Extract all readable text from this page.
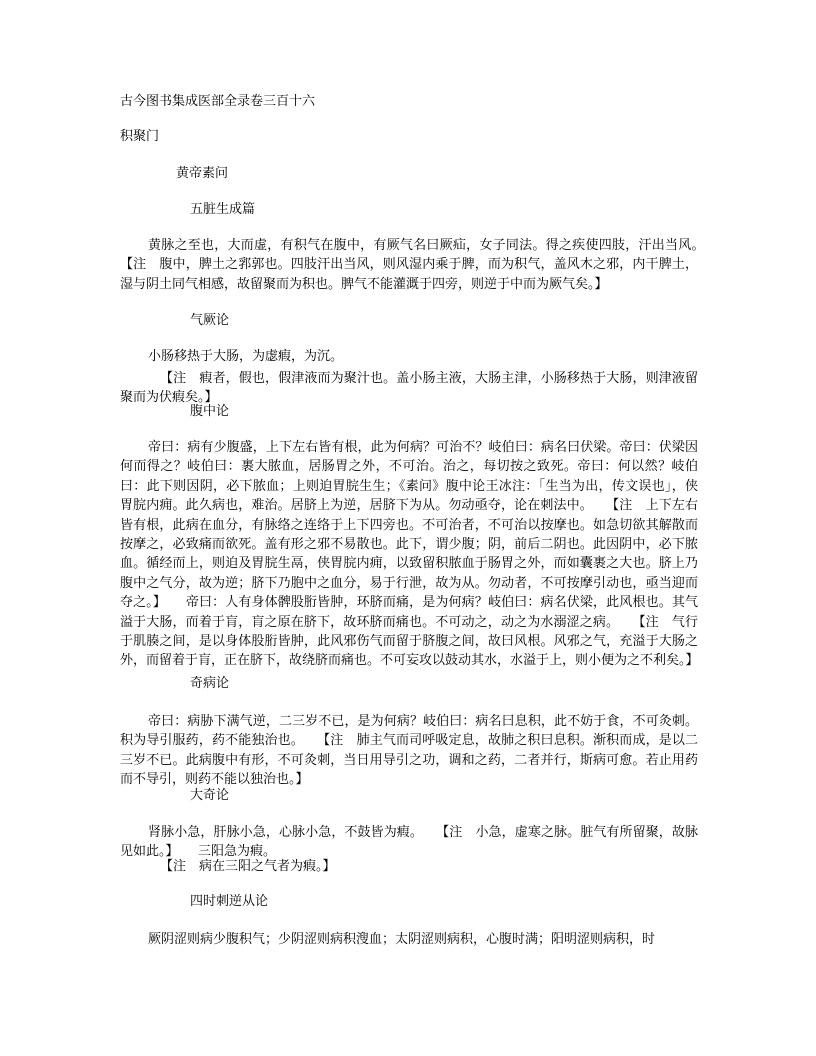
古今图书集成医部全录卷三百十六
积聚门
黄帝素问
五脏生成篇
黄脉之至也，大而虚，有积气在腹中，有厥气名曰厥疝，女子同法。得之疾使四肢，汗出当风。　　【注　腹中，脾土之郛郭也。四肢汗出当风，则风湿内乘于脾，而为积气，盖风木之邪，内干脾土，湿与阴土同气相感，故留聚而为积也。脾气不能灌溉于四旁，则逆于中而为厥气矣。】
气厥论
小肠移热于大肠，为虙瘕，为沉。
【注　瘕者，假也，假津液而为聚汁也。盖小肠主液，大肠主津，小肠移热于大肠，则津液留聚而为伏瘕矣。】
腹中论
帝曰：病有少腹盛，上下左右皆有根，此为何病？可治不？岐伯曰：病名曰伏梁。帝曰：伏梁因何而得之？岐伯曰：裹大脓血，居肠胃之外，不可治。治之，每切按之致死。帝曰：何以然？岐伯曰：此下则因阴，必下脓血；上则迫胃脘生生；《素问》腹中论王冰注：「生当为出，传文误也」，侠胃脘内痈。此久病也，难治。居脐上为逆，居脐下为从。勿动亟夺，论在刺法中。　　【注　上下左右皆有根，此病在血分，有脉络之连络于上下四旁也。不可治者，不可治以按摩也。如急切欲其解散而按摩之，必致痛而欲死。盖有形之邪不易散也。此下，谓少腹；阴，前后二阴也。此因阴中，必下脓血。循经而上，则迫及胃脘生鬲，侠胃脘内痈，以致留积脓血于肠胃之外，而如囊裹之大也。脐上乃腹中之气分，故为逆；脐下乃胞中之血分，易于行泄，故为从。勿动者，不可按摩引动也，亟当迎而夺之。】　　帝曰：人有身体髀股胻皆肿，环脐而痛，是为何病？岐伯曰：病名伏梁，此风根也。其气溢于大肠，而着于肓，肓之原在脐下，故环脐而痛也。不可动之，动之为水溺涩之病。　　【注　气行于肌腠之间，是以身体股胻皆肿，此风邪伤气而留于脐腹之间，故曰风根。风邪之气，充溢于大肠之外，而留着于肓，正在脐下，故绕脐而痛也。不可妄攻以鼓动其水，水溢于上，则小便为之不利矣。】
奇病论
帝曰：病胁下满气逆，二三岁不已，是为何病？岐伯曰：病名曰息积，此不妨于食，不可灸刺。积为导引服药，药不能独治也。　　【注　肺主气而司呼吸定息，故肺之积曰息积。渐积而成，是以二三岁不已。此病腹中有形，不可灸刺，当日用导引之功，调和之药，二者并行，斯病可愈。若止用药而不导引，则药不能以独治也。】
大奇论
肾脉小急，肝脉小急，心脉小急，不鼓皆为瘕。　　【注　小急，虚寒之脉。脏气有所留聚，故脉见如此。】　　三阳急为瘕。
【注　病在三阳之气者为瘕。】
四时刺逆从论
厥阴涩则病少腹积气；少阴涩则病积溲血；太阴涩则病积，心腹时满；阳明涩则病积，时
